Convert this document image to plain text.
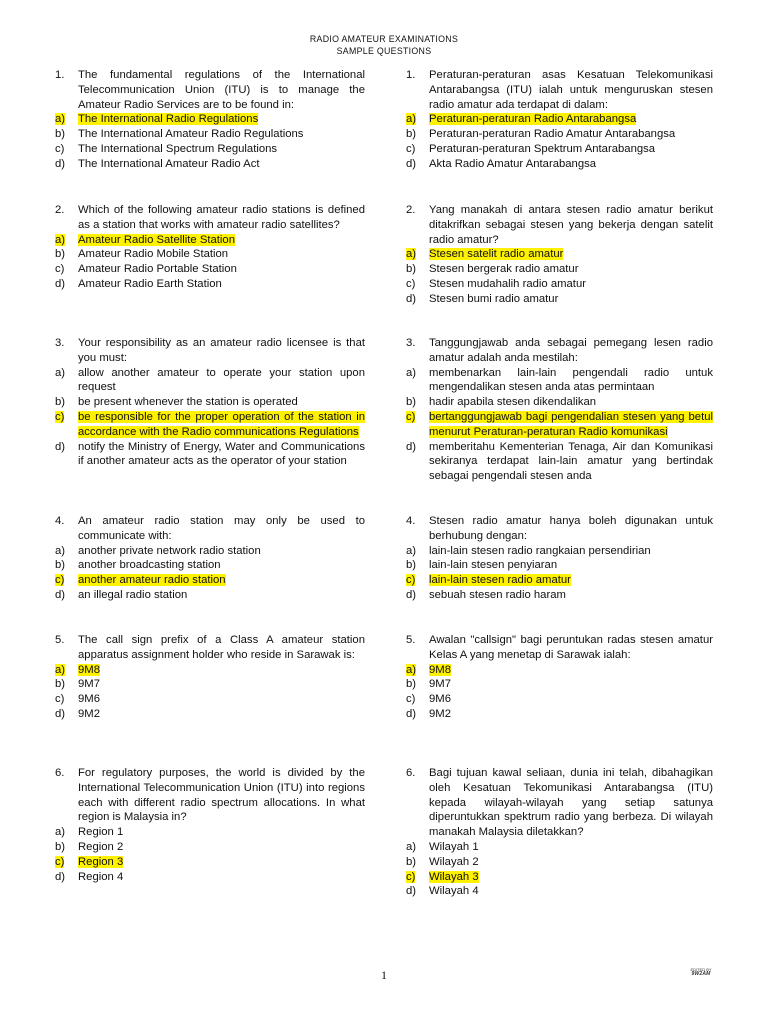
RADIO AMATEUR EXAMINATIONS
SAMPLE QUESTIONS
1.	The fundamental regulations of the International Telecommunication Union (ITU) is to manage the Amateur Radio Services are to be found in:
a)	The International Radio Regulations
b)	The International Amateur Radio Regulations
c)	The International Spectrum Regulations
d)	The International Amateur Radio Act
2.	Which of the following amateur radio stations is defined as a station that works with amateur radio satellites?
a)	Amateur Radio Satellite Station
b)	Amateur Radio Mobile Station
c)	Amateur Radio Portable Station
d)	Amateur Radio Earth Station
3.	Your responsibility as an amateur radio licensee is that you must:
a)	allow another amateur to operate your station upon request
b)	be present whenever the station is operated
c)	be responsible for the proper operation of the station in accordance with the Radio communications Regulations
d)	notify the Ministry of Energy, Water and Communications if another amateur acts as the operator of your station
4.	An amateur radio station may only be used to communicate with:
a)	another private network radio station
b)	another broadcasting station
c)	another amateur radio station
d)	an illegal radio station
5.	The call sign prefix of a Class A amateur station apparatus assignment holder who reside in Sarawak is:
a)	9M8
b)	9M7
c)	9M6
d)	9M2
6.	For regulatory purposes, the world is divided by the International Telecommunication Union (ITU) into regions each with different radio spectrum allocations. In what region is Malaysia in?
a)	Region 1
b)	Region 2
c)	Region 3
d)	Region 4
1.	Peraturan-peraturan asas Kesatuan Telekomunikasi Antarabangsa (ITU) ialah untuk menguruskan stesen radio amatur ada terdapat di dalam:
a)	Peraturan-peraturan Radio Antarabangsa
b)	Peraturan-peraturan Radio Amatur Antarabangsa
c)	Peraturan-peraturan Spektrum Antarabangsa
d)	Akta Radio Amatur Antarabangsa
2.	Yang manakah di antara stesen radio amatur berikut ditakrifkan sebagai stesen yang bekerja dengan satelit radio amatur?
a)	Stesen satelit radio amatur
b)	Stesen bergerak radio amatur
c)	Stesen mudahalih radio amatur
d)	Stesen bumi radio amatur
3.	Tanggungjawab anda sebagai pemegang lesen radio amatur adalah anda mestilah:
a)	membenarkan lain-lain pengendali radio untuk mengendalikan stesen anda atas permintaan
b)	hadir apabila stesen dikendalikan
c)	bertanggungjawab bagi pengendalian stesen yang betul menurut Peraturan-peraturan Radio komunikasi
d)	memberitahu Kementerian Tenaga, Air dan Komunikasi sekiranya terdapat lain-lain amatur yang bertindak sebagai pengendali stesen anda
4.	Stesen radio amatur hanya boleh digunakan untuk berhubung dengan:
a)	lain-lain stesen radio rangkaian persendirian
b)	lain-lain stesen penyiaran
c)	lain-lain stesen radio amatur
d)	sebuah stesen radio haram
5.	Awalan "callsign" bagi peruntukan radas stesen amatur Kelas A yang menetap di Sarawak ialah:
a)	9M8
b)	9M7
c)	9M6
d)	9M2
6.	Bagi tujuan kawal seliaan, dunia ini telah, dibahagikan oleh Kesatuan Tekomunikasi Antarabangsa (ITU) kepada wilayah-wilayah yang setiap satunya diperuntukkan spektrum radio yang berbeza. Di wilayah manakah Malaysia diletakkan?
a)	Wilayah 1
b)	Wilayah 2
c)	Wilayah 3
d)	Wilayah 4
1	EDITED BY
9W2AM
